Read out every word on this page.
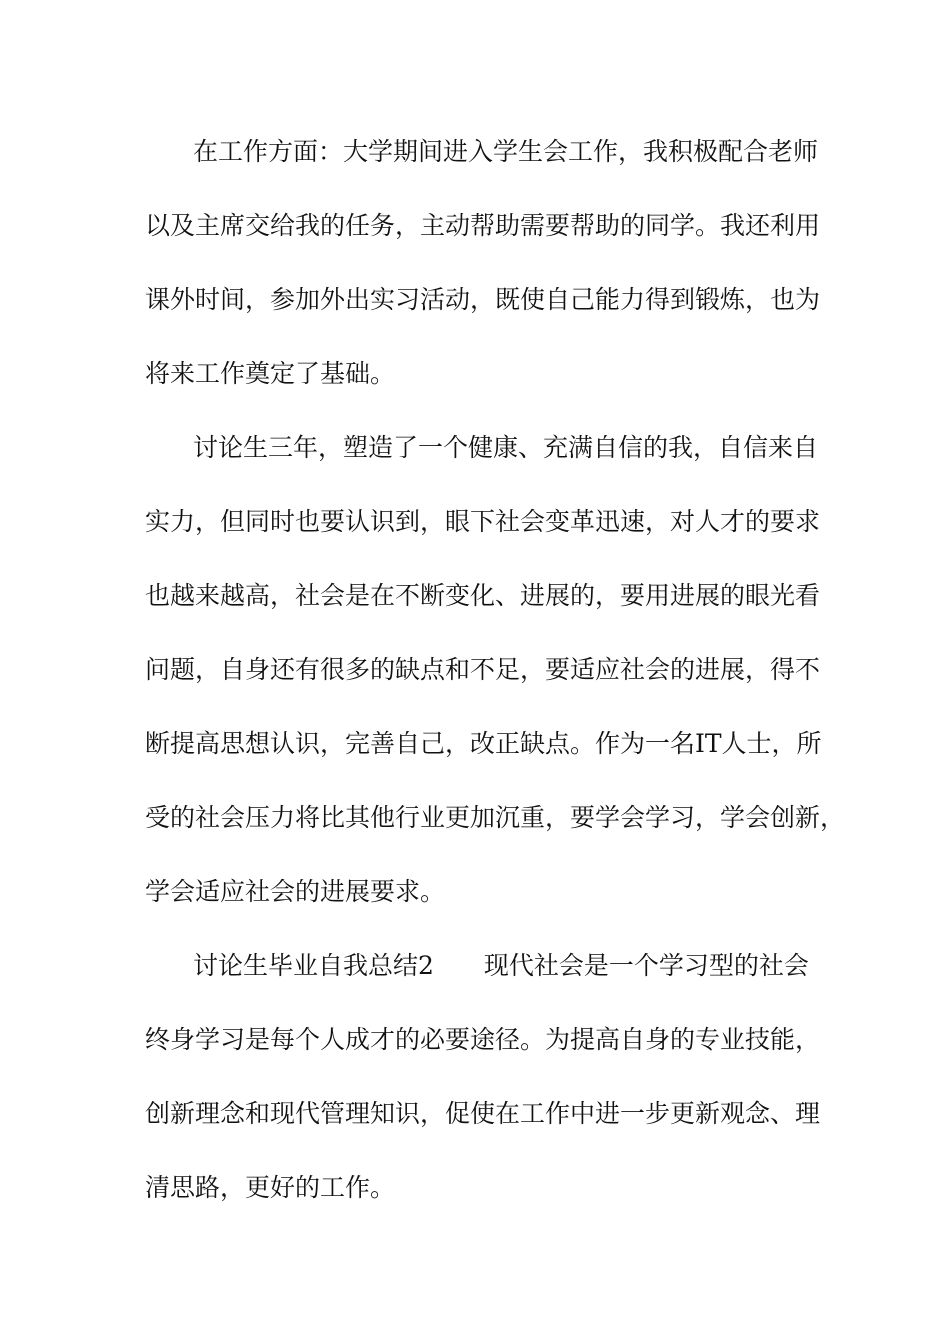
在工作方面：大学期间进入学生会工作，我积极配合老师
以及主席交给我的任务，主动帮助需要帮助的同学。我还利用
课外时间，参加外出实习活动，既使自己能力得到锻炼，也为
将来工作奠定了基础。
讨论生三年，塑造了一个健康、充满自信的我，自信来自
实力，但同时也要认识到，眼下社会变革迅速，对人才的要求
也越来越高，社会是在不断变化、进展的，要用进展的眼光看
问题，自身还有很多的缺点和不足，要适应社会的进展，得不
断提高思想认识，完善自己，改正缺点。作为一名IT人士，所
受的社会压力将比其他行业更加沉重，要学会学习，学会创新，
学会适应社会的进展要求。
讨论生毕业自我总结2　　现代社会是一个学习型的社会
终身学习是每个人成才的必要途径。为提高自身的专业技能，
创新理念和现代管理知识，促使在工作中进一步更新观念、理
清思路，更好的工作。
